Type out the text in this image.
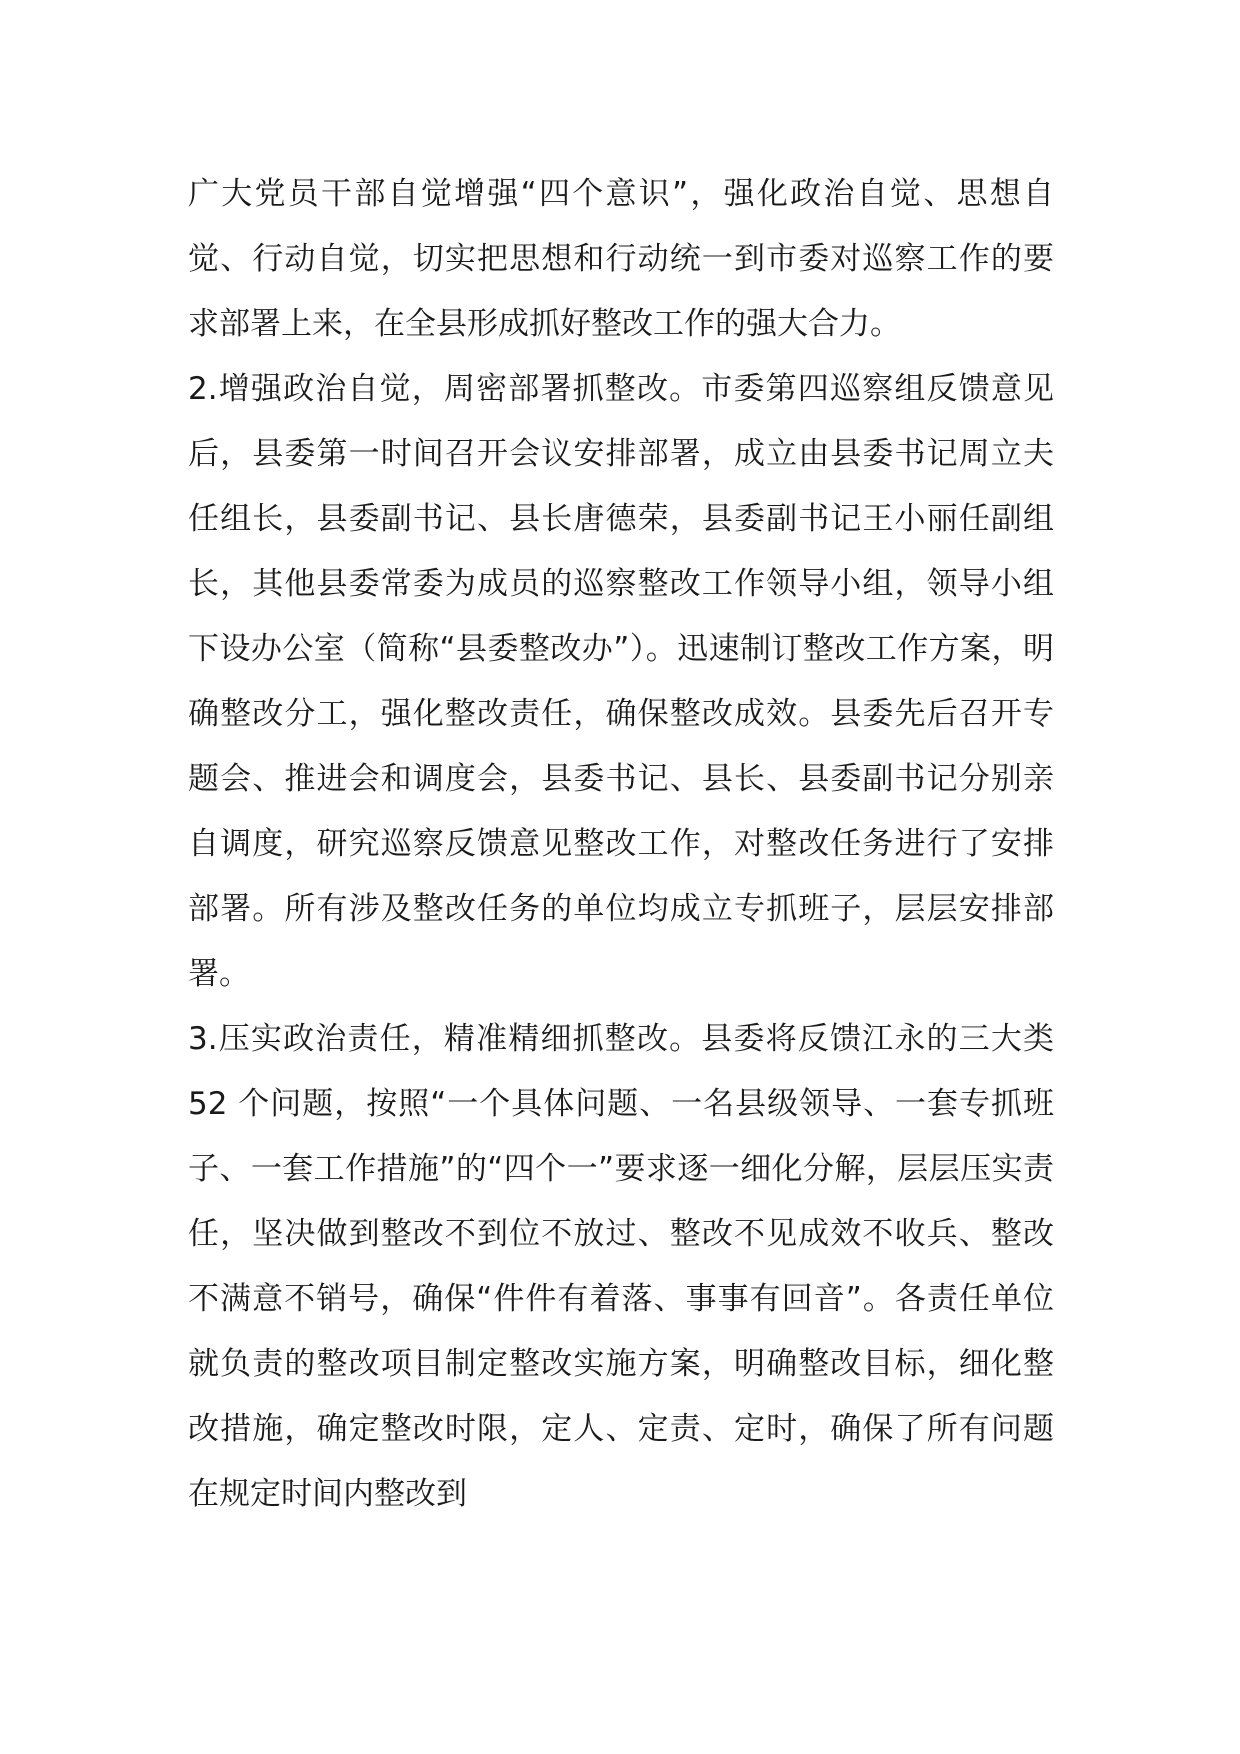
广大党员干部自觉增强“四个意识”，强化政治自觉、思想自觉、行动自觉，切实把思想和行动统一到市委对巡察工作的要求部署上来，在全县形成抓好整改工作的强大合力。

2.增强政治自觉，周密部署抓整改。市委第四巡察组反馈意见后，县委第一时间召开会议安排部署，成立由县委书记周立夫任组长，县委副书记、县长唐德荣，县委副书记王小丽任副组长，其他县委常委为成员的巡察整改工作领导小组，领导小组下设办公室（简称“县委整改办”）。迅速制订整改工作方案，明确整改分工，强化整改责任，确保整改成效。县委先后召开专题会、推进会和调度会，县委书记、县长、县委副书记分别亲自调度，研究巡察反馈意见整改工作，对整改任务进行了安排部署。所有涉及整改任务的单位均成立专抓班子，层层安排部署。

3.压实政治责任，精准精细抓整改。县委将反馈江永的三大类 52 个问题，按照“一个具体问题、一名县级领导、一套专抓班子、一套工作措施”的“四个一”要求逐一细化分解，层层压实责任，坚决做到整改不到位不放过、整改不见成效不收兵、整改不满意不销号，确保“件件有着落、事事有回音”。各责任单位就负责的整改项目制定整改实施方案，明确整改目标，细化整改措施，确定整改时限，定人、定责、定时，确保了所有问题在规定时间内整改到
